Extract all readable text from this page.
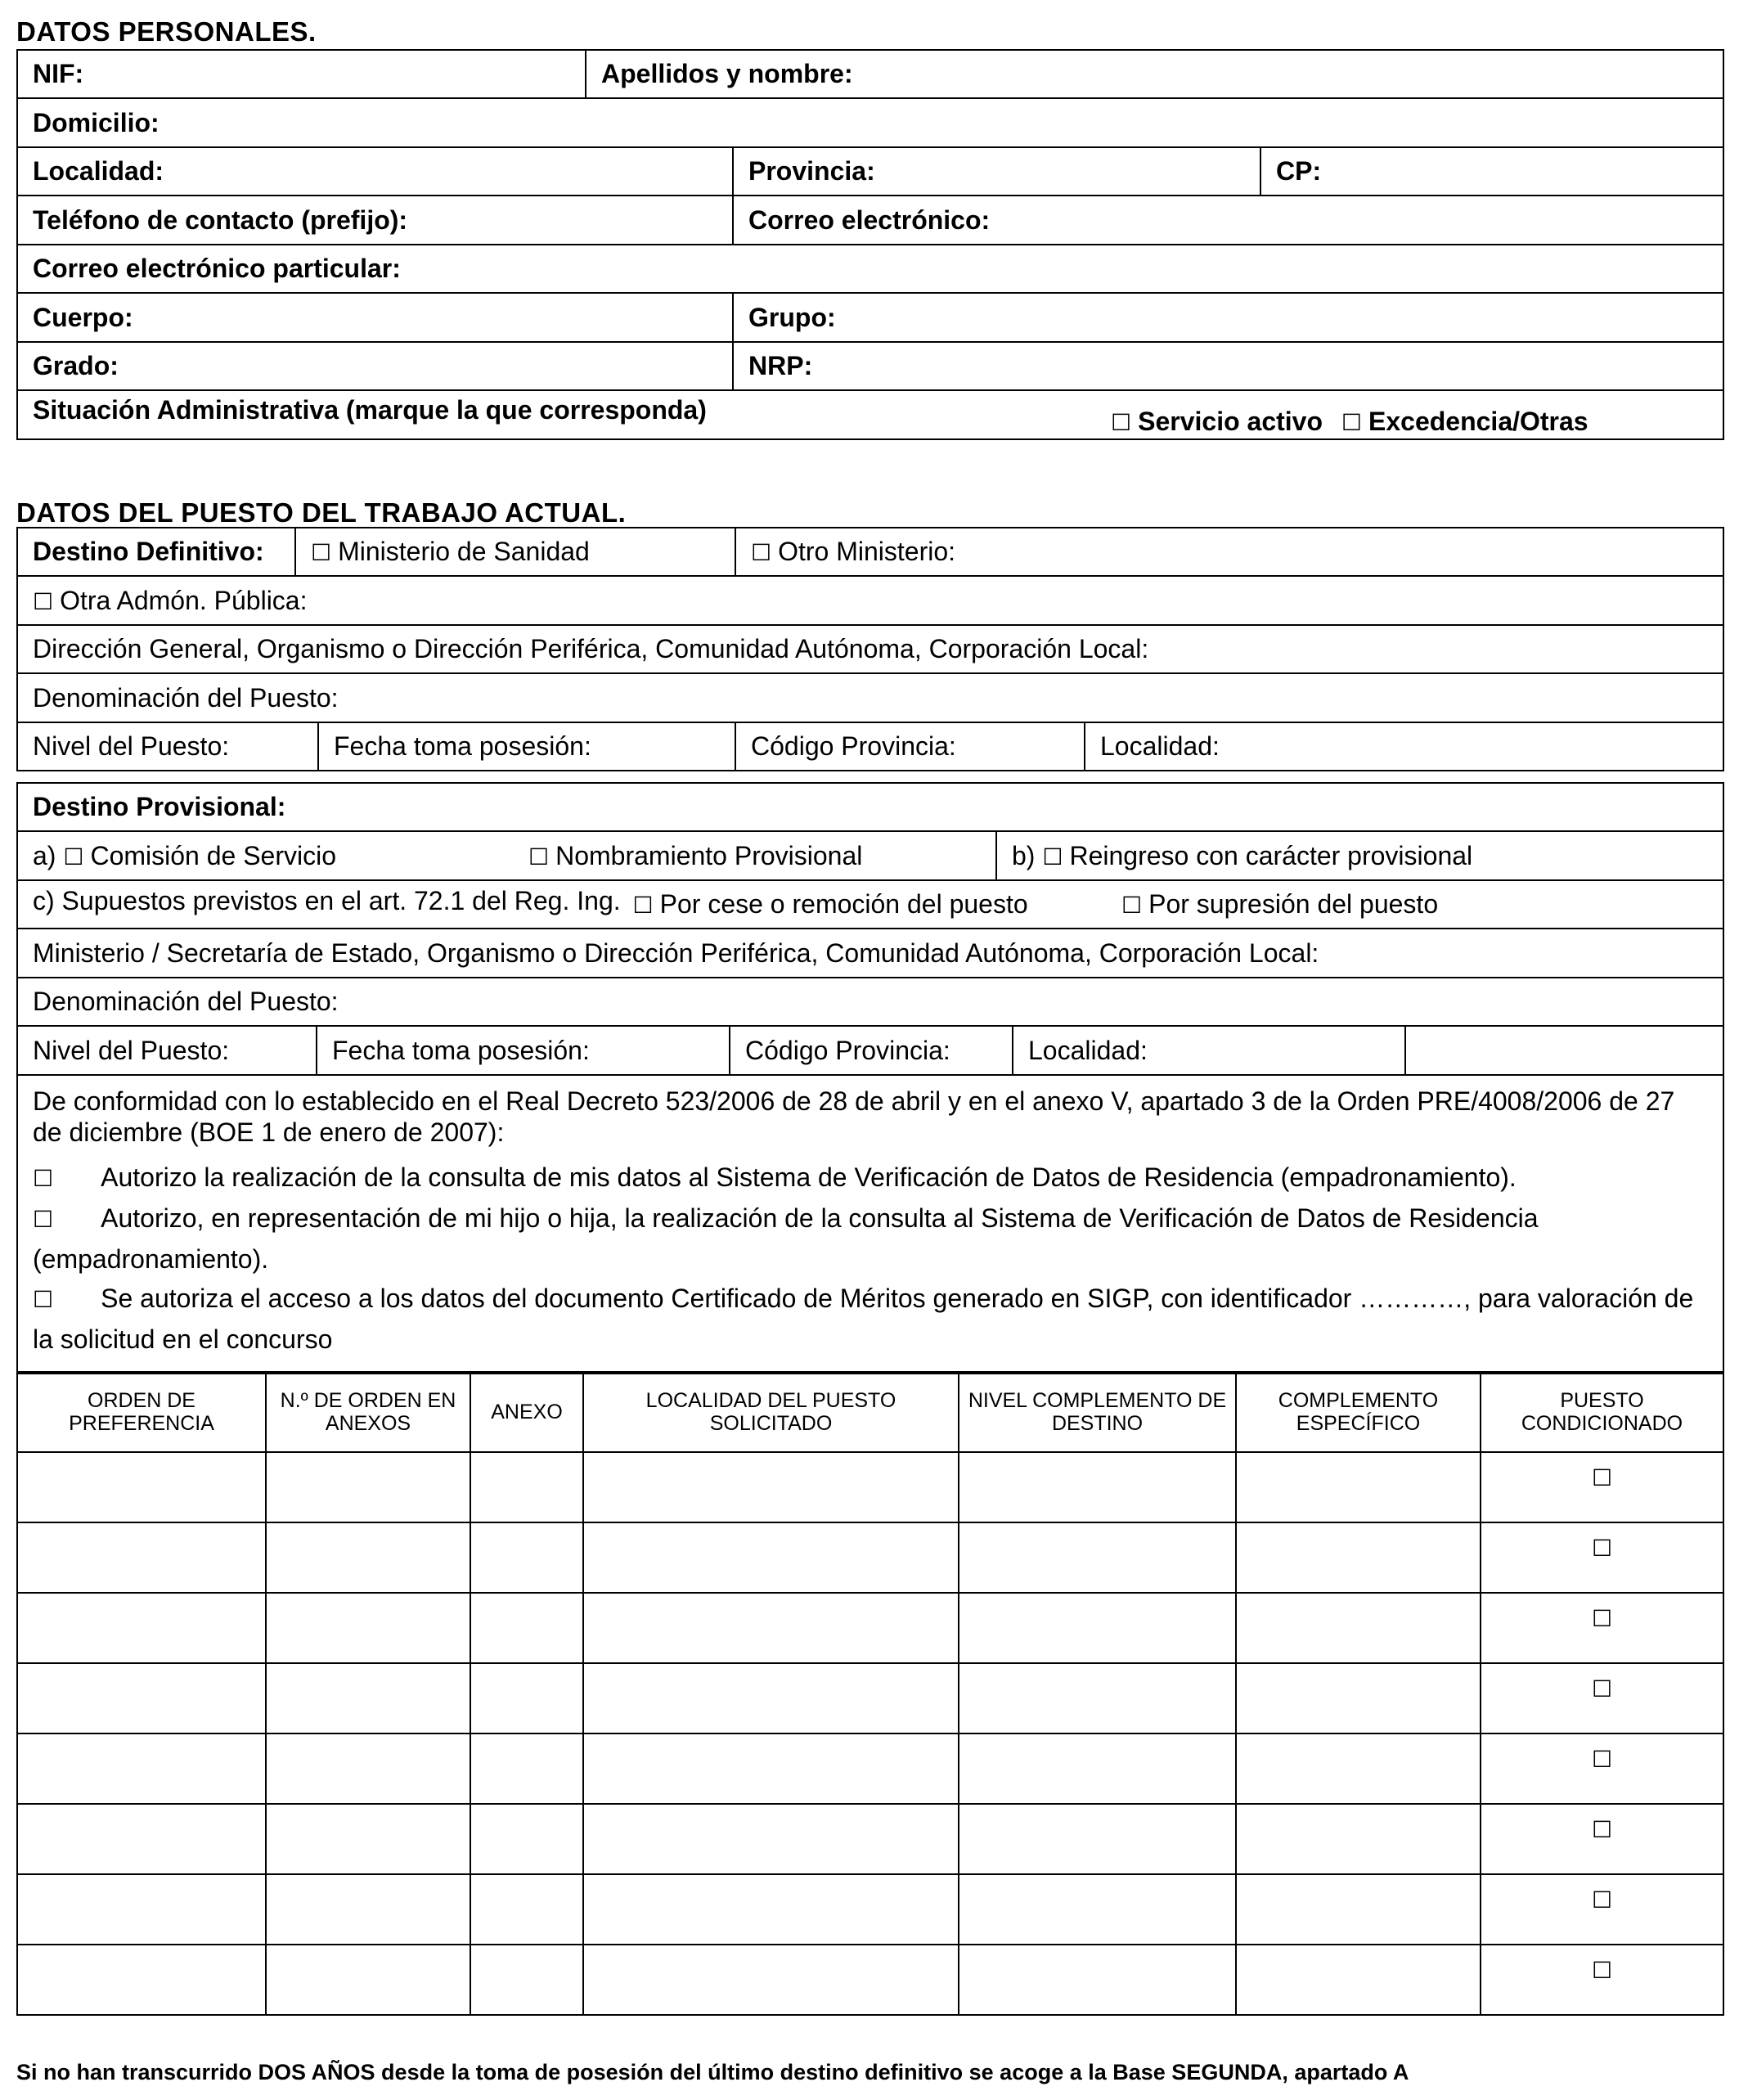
DATOS PERSONALES.
NIF:	Apellidos y nombre:		
Domicilio:			
Localidad:		Provincia:	CP:
Teléfono de contacto (prefijo):		Correo electrónico:	
Correo electrónico particular:			
Cuerpo:		Grupo:	
Grado:		NRP:	
Situación Administrativa (marque la que corresponda) ☐ Servicio activo ☐ Excedencia/Otras			
DATOS DEL PUESTO DEL TRABAJO ACTUAL.
Destino Definitivo:	☐ Ministerio de Sanidad		☐ Otro Ministerio:	
☐ Otra Admón. Pública:				
Dirección General, Organismo o Dirección Periférica, Comunidad Autónoma, Corporación Local:				
Denominación del Puesto:				
Nivel del Puesto:		Fecha toma posesión:	Código Provincia:	Localidad:
Destino Provisional:				
a) ☐ Comisión de Servicio ☐ Nombramiento Provisional			b) ☐ Reingreso con carácter provisional	
c) Supuestos previstos en el art. 72.1 del Reg. Ing. ☐ Por cese o remoción del puesto ☐ Por supresión del puesto				

Ministerio / Secretaría de Estado, Organismo o Dirección Periférica, Comunidad Autónoma, Corporación Local:				
Denominación del Puesto:				
Nivel del Puesto:	Fecha toma posesión:	Código Provincia: Localidad:		

De conformidad con lo establecido en el Real Decreto 523/2006 de 28 de abril y en el anexo V, apartado 3 de la Orden PRE/4008/2006 de 27 de diciembre (BOE 1 de enero de 2007):
☐ Autorizo la realización de la consulta de mis datos al Sistema de Verificación de Datos de Residencia (empadronamiento).
☐ Autorizo, en representación de mi hijo o hija, la realización de la consulta al Sistema de Verificación de Datos de Residencia (empadronamiento).
☐ Se autoriza el acceso a los datos del documento Certificado de Méritos generado en SIGP, con identificador …………, para valoración de la solicitud en el concurso				
ORDEN DE PREFERENCIA	N.º DE ORDEN EN ANEXOS	ANEXO	LOCALIDAD DEL PUESTO SOLICITADO	NIVEL COMPLEMENTO DE DESTINO	COMPLEMENTO ESPECÍFICO	PUESTO CONDICIONADO
						☐
						☐
						☐
						☐
						☐
						☐
						☐
						☐
Si no han transcurrido DOS AÑOS desde la toma de posesión del último destino definitivo se acoge a la Base SEGUNDA, apartado A
